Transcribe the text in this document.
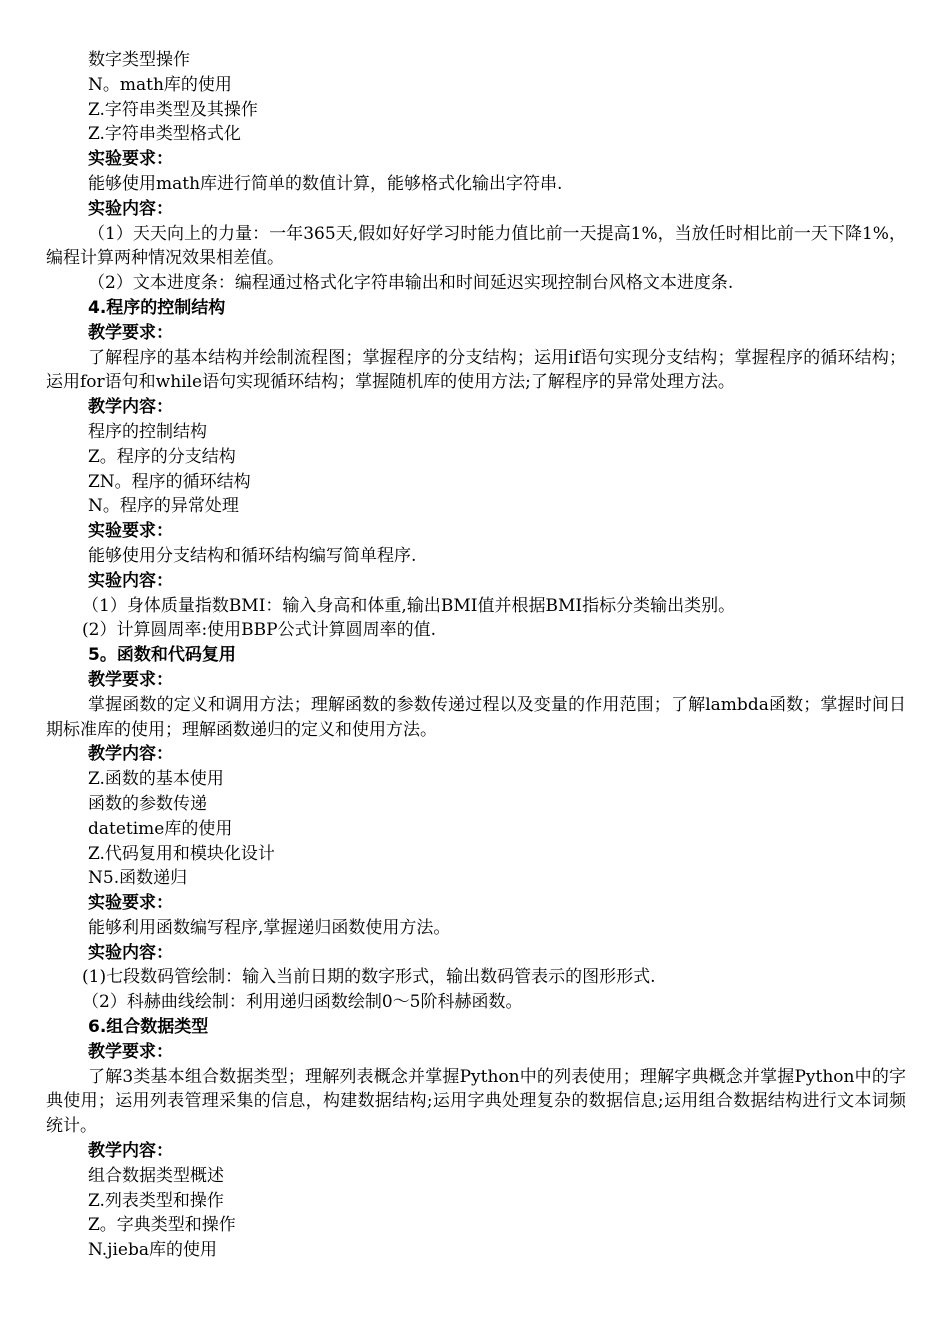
数字类型操作

N。math库的使用

Z.字符串类型及其操作

Z.字符串类型格式化

实验要求：

能够使用math库进行简单的数值计算，能够格式化输出字符串.

实验内容：

（1）天天向上的力量：一年365天,假如好好学习时能力值比前一天提高1%，当放任时相比前一天下降1%，编程计算两种情况效果相差值。

（2）文本进度条：编程通过格式化字符串输出和时间延迟实现控制台风格文本进度条.

4.程序的控制结构

教学要求：

了解程序的基本结构并绘制流程图；掌握程序的分支结构；运用if语句实现分支结构；掌握程序的循环结构；运用for语句和while语句实现循环结构；掌握随机库的使用方法;了解程序的异常处理方法。

教学内容：

程序的控制结构

Z。程序的分支结构

ZN。程序的循环结构

N。程序的异常处理

实验要求：

能够使用分支结构和循环结构编写简单程序.

实验内容：

（1）身体质量指数BMI：输入身高和体重,输出BMI值并根据BMI指标分类输出类别。

(2）计算圆周率:使用BBP公式计算圆周率的值.

5。函数和代码复用

教学要求：

掌握函数的定义和调用方法；理解函数的参数传递过程以及变量的作用范围；了解lambda函数；掌握时间日期标准库的使用；理解函数递归的定义和使用方法。

教学内容：

Z.函数的基本使用

函数的参数传递

datetime库的使用

Z.代码复用和模块化设计

N5.函数递归

实验要求：

能够利用函数编写程序,掌握递归函数使用方法。

实验内容：

(1)七段数码管绘制：输入当前日期的数字形式，输出数码管表示的图形形式.

（2）科赫曲线绘制：利用递归函数绘制0～5阶科赫函数。

6.组合数据类型

教学要求：

了解3类基本组合数据类型；理解列表概念并掌握Python中的列表使用；理解字典概念并掌握Python中的字典使用；运用列表管理采集的信息，构建数据结构;运用字典处理复杂的数据信息;运用组合数据结构进行文本词频统计。

教学内容：

组合数据类型概述

Z.列表类型和操作

Z。字典类型和操作

N.jieba库的使用
